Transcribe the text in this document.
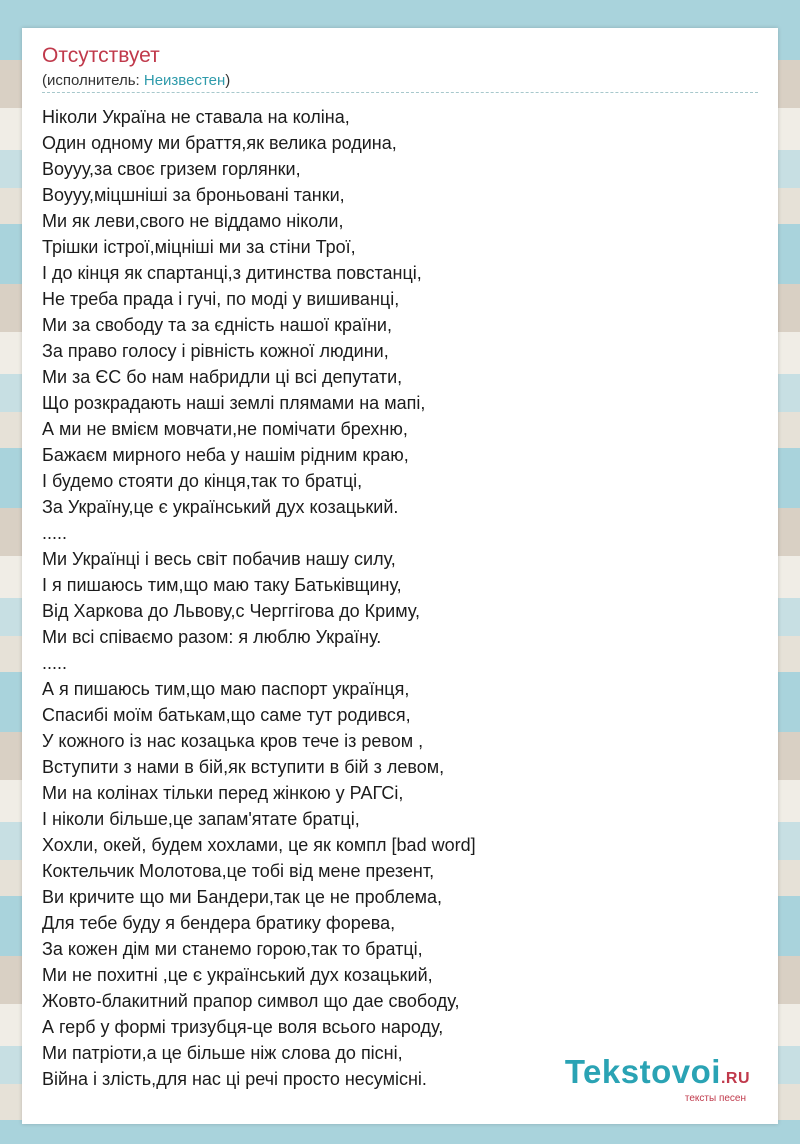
Отсутствует
(исполнитель: Неизвестен)
Ніколи Україна не ставала на коліна,
Один одному ми браття,як велика родина,
Воууу,за своє гризем горлянки,
Воууу,міцшніші за броньовані танки,
Ми як леви,свого не віддамо ніколи,
Трішки істрої,міцніші ми за стіни Трої,
І до кінця як спартанці,з дитинства повстанці,
Не треба прада і гучі, по моді у вишиванці,
Ми за свободу та за єдність нашої країни,
За право голосу і рівність кожної людини,
Ми за ЄС бо нам набридли ці всі депутати,
Що розкрадають наші землі плямами на мапі,
А ми не вмієм мовчати,не помічати брехню,
Бажаєм мирного неба у нашім рідним краю,
І будемо стояти до кінця,так то братці,
За Україну,це є український дух козацький.
.....
Ми Українці і весь світ побачив нашу силу,
І я пишаюсь тим,що маю таку Батьківщину,
Від Харкова до Львову,с Черггігова до Криму,
Ми всі співаємо разом: я люблю Україну.
.....
А я пишаюсь тим,що маю паспорт українця,
Спасибі моїм батькам,що саме тут родився,
У кожного із нас козацька кров тече із ревом ,
Вступити з нами в бій,як вступити в бій з левом,
Ми на колінах тільки перед жінкою у РАГСі,
І ніколи більше,це запам'ятате братці,
Хохли, окей, будем хохлами, це як компл [bad word]
Коктельчик Молотова,це тобі від мене презент,
Ви кричите що ми Бандери,так це не проблема,
Для тебе буду я бендера братику форева,
За кожен дім ми станемо горою,так то братці,
Ми не похитні ,це є український дух козацький,
Жовто-блакитний прапор символ що дае свободу,
А герб у формі тризубця-це воля всього народу,
Ми патріоти,а це більше ніж слова до пісні,
Війна і злість,для нас ці речі просто несумісні.	Tekstovoi.RU
тексты песен
